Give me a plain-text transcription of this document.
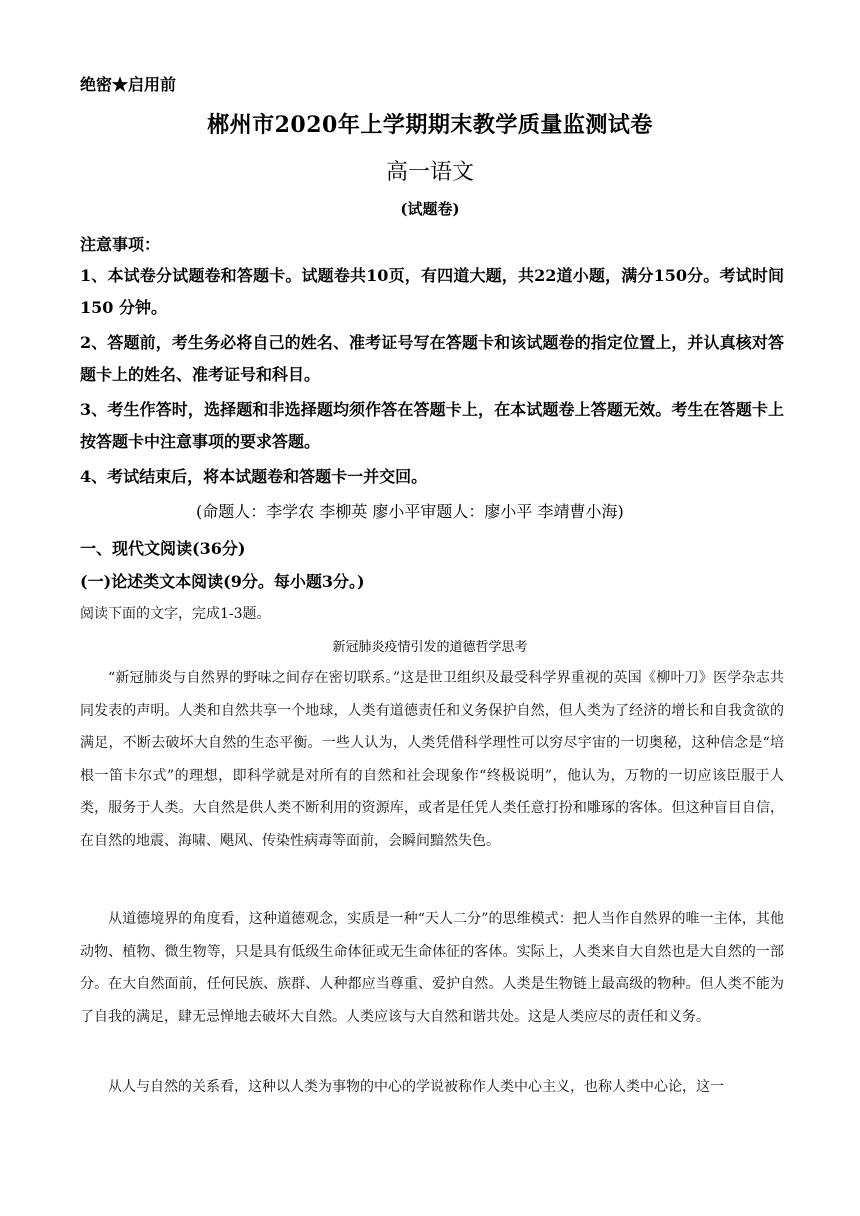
绝密★启用前
郴州市2020年上学期期末教学质量监测试卷
高一语文
(试题卷)
注意事项：
1、本试卷分试题卷和答题卡。试题卷共10页，有四道大题，共22道小题，满分150分。考试时间150 分钟。
2、答题前，考生务必将自己的姓名、准考证号写在答题卡和该试题卷的指定位置上，并认真核对答题卡上的姓名、准考证号和科目。
3、考生作答时，选择题和非选择题均须作答在答题卡上，在本试题卷上答题无效。考生在答题卡上按答题卡中注意事项的要求答题。
4、考试结束后，将本试题卷和答题卡一并交回。
(命题人：李学农 李柳英 廖小平审题人：廖小平 李靖曹小海)
一、现代文阅读(36分)
(一)论述类文本阅读(9分。每小题3分。)
阅读下面的文字，完成1-3题。
新冠肺炎疫情引发的道德哲学思考
“新冠肺炎与自然界的野味之间存在密切联系。”这是世卫组织及最受科学界重视的英国《柳叶刀》医学杂志共同发表的声明。人类和自然共享一个地球，人类有道德责任和义务保护自然，但人类为了经济的增长和自我贪欲的满足，不断去破坏大自然的生态平衡。一些人认为，人类凭借科学理性可以穷尽宇宙的一切奥秘，这种信念是“培根一笛卡尔式”的理想，即科学就是对所有的自然和社会现象作“终极说明”，他认为，万物的一切应该臣服于人类，服务于人类。大自然是供人类不断利用的资源库，或者是任凭人类任意打扮和雕琢的客体。但这种盲目自信，在自然的地震、海啸、飓风、传染性病毒等面前，会瞬间黯然失色。
从道德境界的角度看，这种道德观念，实质是一种“天人二分”的思维模式：把人当作自然界的唯一主体，其他动物、植物、微生物等，只是具有低级生命体征或无生命体征的客体。实际上，人类来自大自然也是大自然的一部分。在大自然面前，任何民族、族群、人种都应当尊重、爱护自然。人类是生物链上最高级的物种。但人类不能为了自我的满足，肆无忌惮地去破坏大自然。人类应该与大自然和谐共处。这是人类应尽的责任和义务。
从人与自然的关系看，这种以人类为事物的中心的学说被称作人类中心主义，也称人类中心论，这一
